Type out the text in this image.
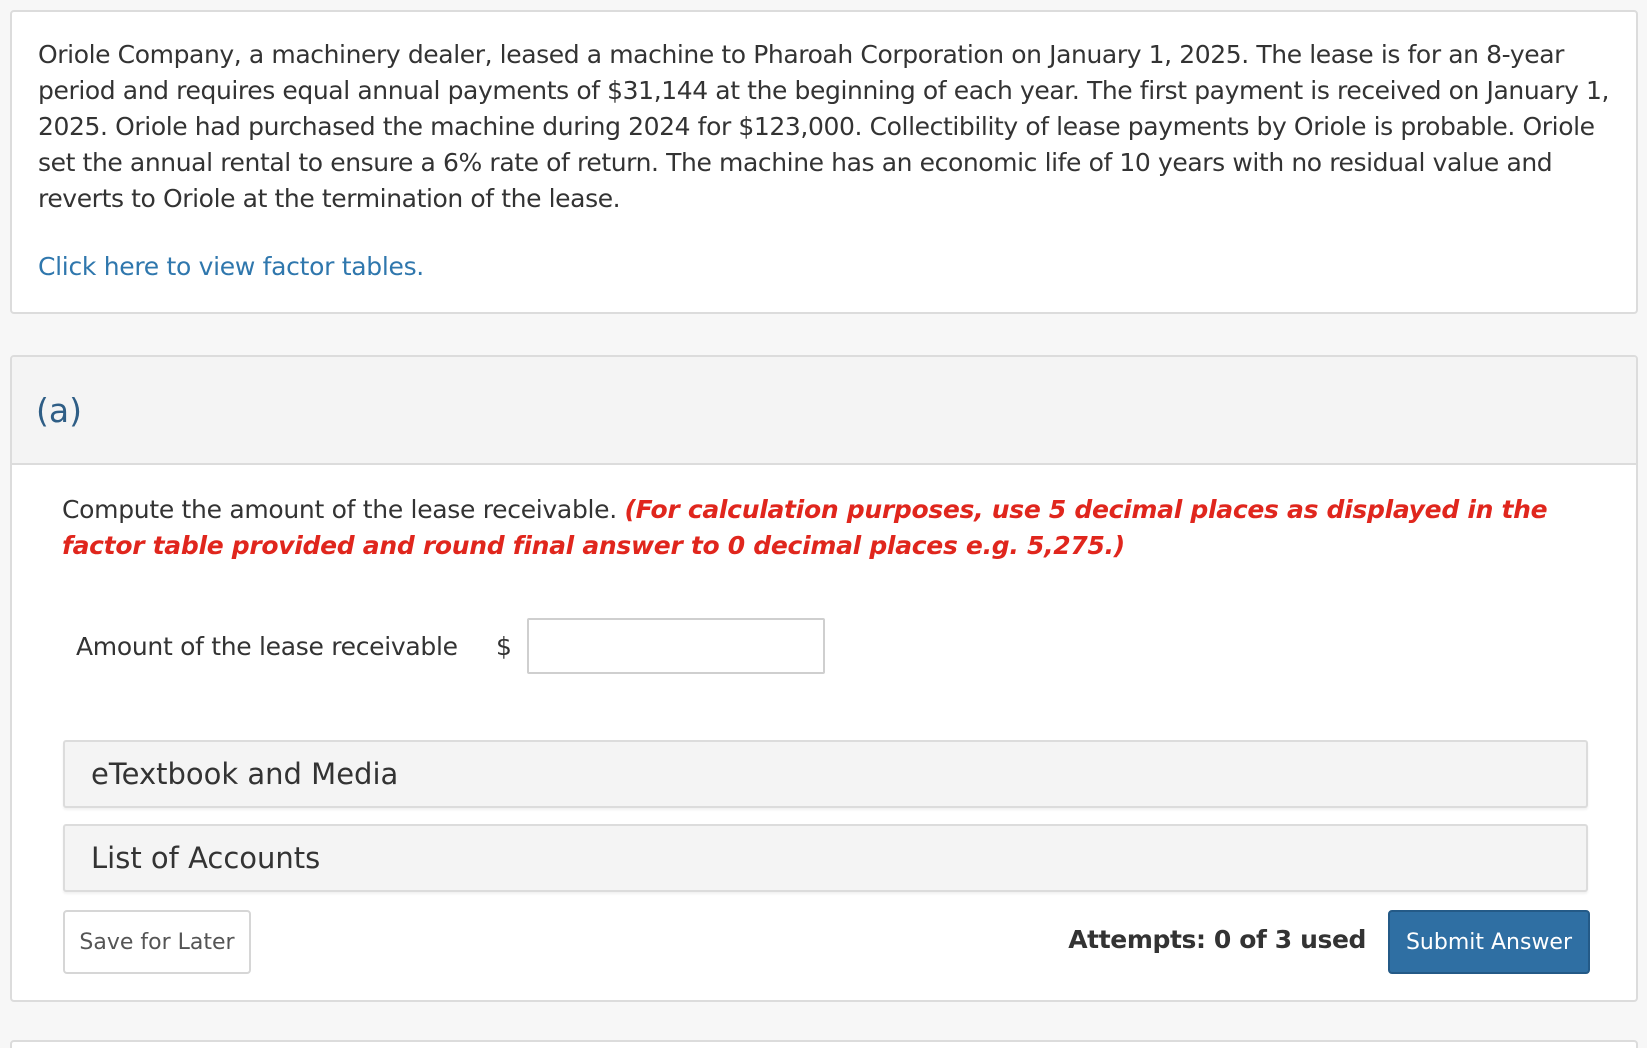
Oriole Company, a machinery dealer, leased a machine to Pharoah Corporation on January 1, 2025. The lease is for an 8-year period and requires equal annual payments of $31,144 at the beginning of each year. The first payment is received on January 1, 2025. Oriole had purchased the machine during 2024 for $123,000. Collectibility of lease payments by Oriole is probable. Oriole set the annual rental to ensure a 6% rate of return. The machine has an economic life of 10 years with no residual value and reverts to Oriole at the termination of the lease.

Click here to view factor tables.
(a)
Compute the amount of the lease receivable. (For calculation purposes, use 5 decimal places as displayed in the factor table provided and round final answer to 0 decimal places e.g. 5,275.)
Amount of the lease receivable	$
eTextbook and Media
List of Accounts
Save for Later	Attempts: 0 of 3 used	Submit Answer
